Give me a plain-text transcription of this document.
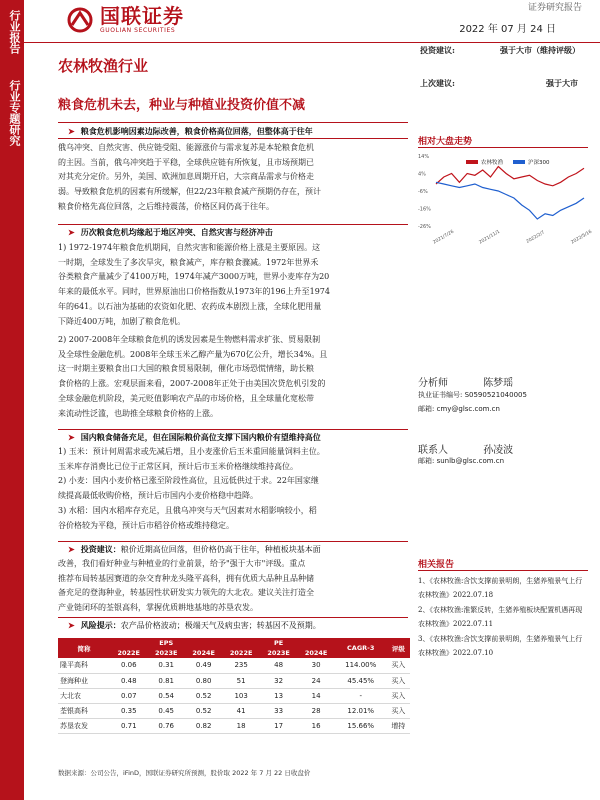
行业报告
行业专题研究
国联证券
GUOLIAN SECURITIES
证券研究报告
2022 年 07 月 24 日
农林牧渔行业
投资建议:	强于大市（维持评级）
上次建议:	强于大市
粮食危机未去，种业与种植业投资价值不减
➤ 粮食危机影响因素边际改善，粮食价格高位回落，但整体高于往年
俄乌冲突、自然灾害、供应链受阻、能源涨价与需求复苏是本轮粮食危机
的主因。当前，俄乌冲突趋于平稳，全球供应链有所恢复，且市场预期已
对其充分定价。另外，美国、欧洲加息周期开启，大宗商品需求与价格走
弱。导致粮食危机的因素有所缓解，但22/23年粮食减产预期仍存在，预计
粮食价格先高位回落，之后维持震荡，价格区间仍高于往年。
➤ 历次粮食危机均缘起于地区冲突、自然灾害与经济冲击
1) 1972-1974年粮食危机期间，自然灾害和能源价格上涨是主要原因。这
一时期，全球发生了多次旱灾，粮食减产，库存粮食骤减。1972年世界禾
谷类粮食产量减少了4100万吨，1974年减产3000万吨，世界小麦库存为20
年来的最低水平。同时，世界原油出口价格指数从1973年的196上升至1974
年的641。以石油为基础的农资如化肥、农药成本剧烈上涨，全球化肥用量
下降近400万吨，加剧了粮食危机。
2) 2007-2008年全球粮食危机的诱发因素是生物燃料需求扩张、贸易限制
及全球性金融危机。2008年全球玉米乙醇产量为670亿公升，增长34%。且
这一时期主要粮食出口大国的粮食贸易限制，催化市场恐慌情绪，助长粮
食价格的上涨。宏观层面来看，2007-2008年正处于由美国次贷危机引发的
全球金融危机阶段，美元贬值影响农产品的市场价格，且全球量化宽松带
来流动性泛滥，也助推全球粮食价格的上涨。
➤ 国内粮食储备充足，但在国际粮价高位支撑下国内粮价有望维持高位
1) 玉米：预计何周需求或先减后增，且小麦涨价后玉米重回能量饲料主位。
玉米库存消费比已位于正常区间，预计后市玉米价格继续维持高位。
2) 小麦：国内小麦价格已涨至阶段性高位，且远低供过于求。22年国家继
续提高最低收购价格，预计后市国内小麦价格稳中趋降。
3) 水稻：国内水稻库存充足，且俄乌冲突与天气因素对水稻影响较小，稻
谷价格较为平稳，预计后市稻谷价格或维持稳定。
➤ 投资建议：粮价近期高位回落，但价格仍高于往年，种植板块基本面
改善，我们看好种业与种植业的行业前景，给予"强于大市"评级。重点
推荐布局转基因赛道的杂交育种龙头隆平高科，拥有优质大品种且品种储
备充足的登海种业，转基因性状研发实力领先的大北农。建议关注打造全
产业链闭环的荃银高科，掌握优质耕地基地的苏垦农发。
➤ 风险提示：农产品价格波动；极端天气及病虫害；转基因不及预期。
简称	EPS			PE			CAGR-3	评级
	2022E	2023E	2024E	2022E	2023E	2024E		
隆平高科	0.06	0.31	0.49	235	48	30	114.00%	买入
登海种业	0.48	0.81	0.80	51	32	24	45.45%	买入
大北农	0.07	0.54	0.52	103	13	14	-	买入
荃银高科	0.35	0.45	0.52	41	33	28	12.01%	买入
苏垦农发	0.71	0.76	0.82	18	17	16	15.66%	增持
数据来源：公司公告，iFinD，国联证券研究所预测，股价取 2022 年 7 月 22 日收盘价
相对大盘走势
农林牧渔	沪深300
14%
4%
-6%
-16%
-26%
2021/7/26	2021/11/1	2022/2/7	2022/5/16
分析师	陈梦瑶
执业证书编号: S0590521040005
邮箱: cmy@glsc.com.cn
联系人	孙凌波
邮箱: sunlb@glsc.com.cn
相关报告
1、《农林牧渔:含饮支撑前景明朗，生猪养殖景气上行农林牧渔》2022.07.18
2、《农林牧渔:淮繁反转，生猪养殖板块配置机遇再现农林牧渔》2022.07.11
3、《农林牧渔:含饮支撑前景明朗，生猪养殖景气上行农林牧渔》2022.07.10
